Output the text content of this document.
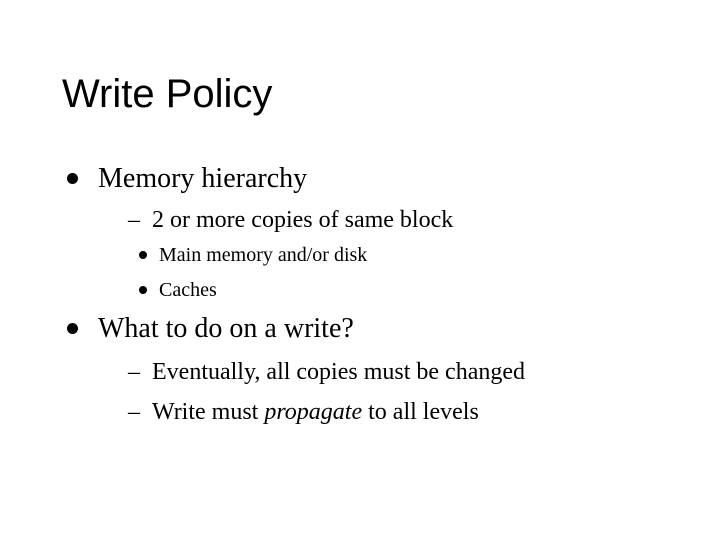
Write Policy
Memory hierarchy
– 2 or more copies of same block
Main memory and/or disk
Caches
What to do on a write?
– Eventually, all copies must be changed
– Write must propagate to all levels
